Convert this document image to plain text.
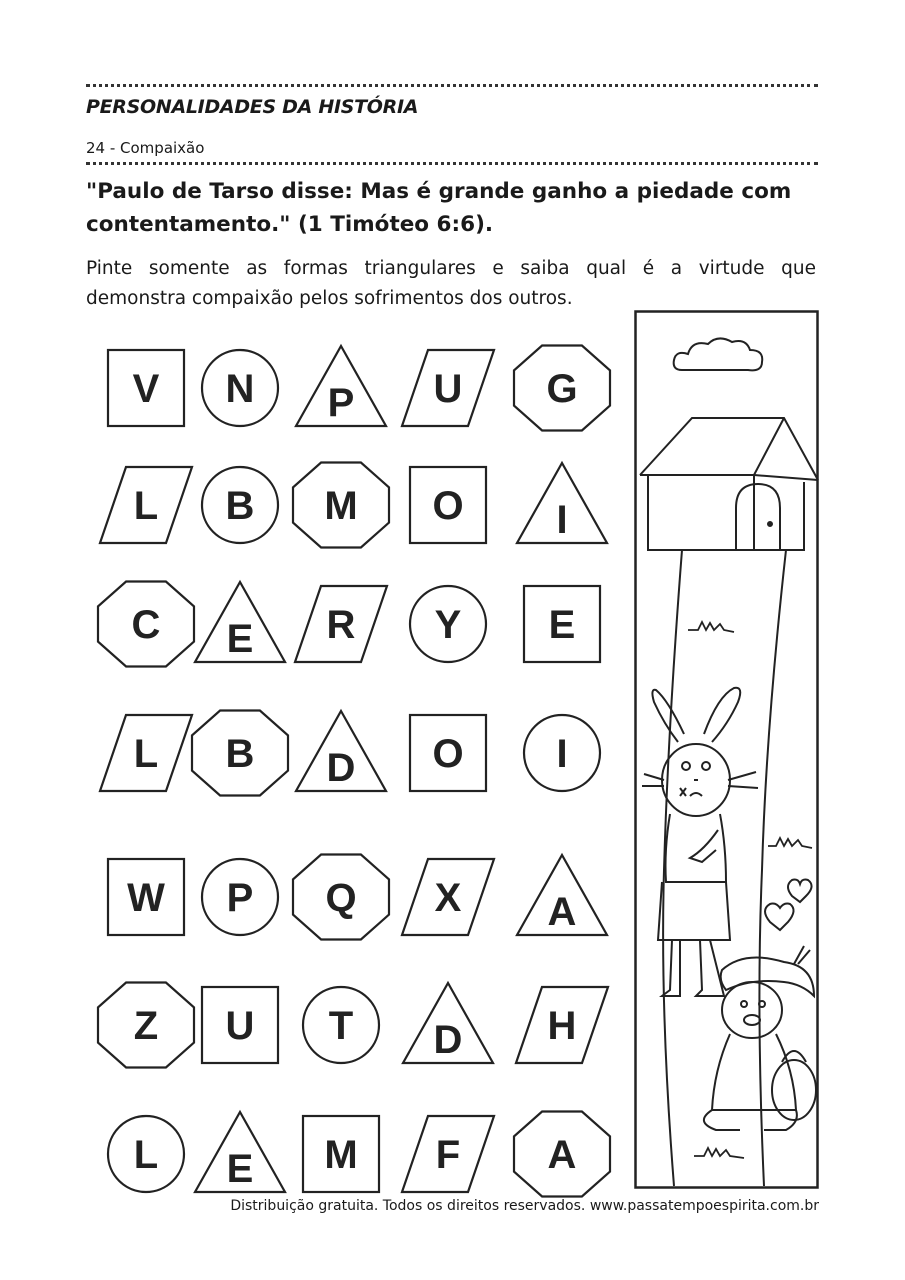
PERSONALIDADES DA HISTÓRIA
24 - Compaixão
"Paulo de Tarso disse: Mas é grande ganho a piedade com
contentamento." (1 Timóteo 6:6).
Pinte somente as formas triangulares e saiba qual é a virtude que
demonstra compaixão pelos sofrimentos dos outros.
V N P U G
L B M O I
C E R Y E
L B D O I
W P Q X A
Z U T D H
L E M F A
Distribuição gratuita. Todos os direitos reservados. www.passatempoespirita.com.br
